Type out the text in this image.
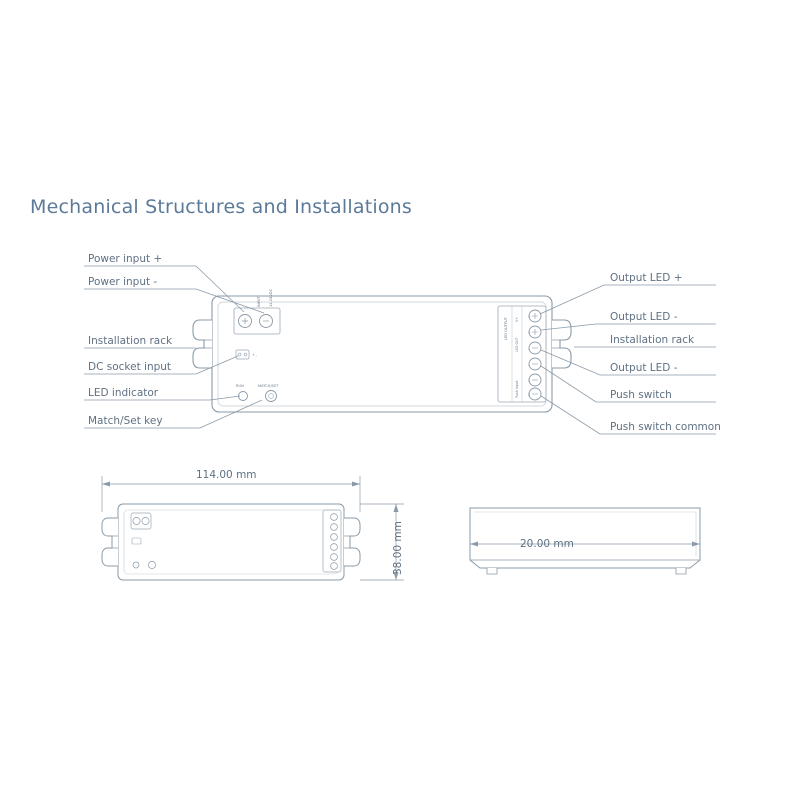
Mechanical Structures and Installations
INPUT 12-24VDC
+ -
RUN	MATCH/SET
LED OUTPUT V+
LED OUT
Push Input
+
+
-
-
1
2
Power input +
Power input -
Installation rack
DC socket input
LED indicator
Match/Set key
Output LED +
Output LED -
Installation rack
Output LED -
Push switch
Push switch common
114.00 mm
38.00 mm	20.00 mm
